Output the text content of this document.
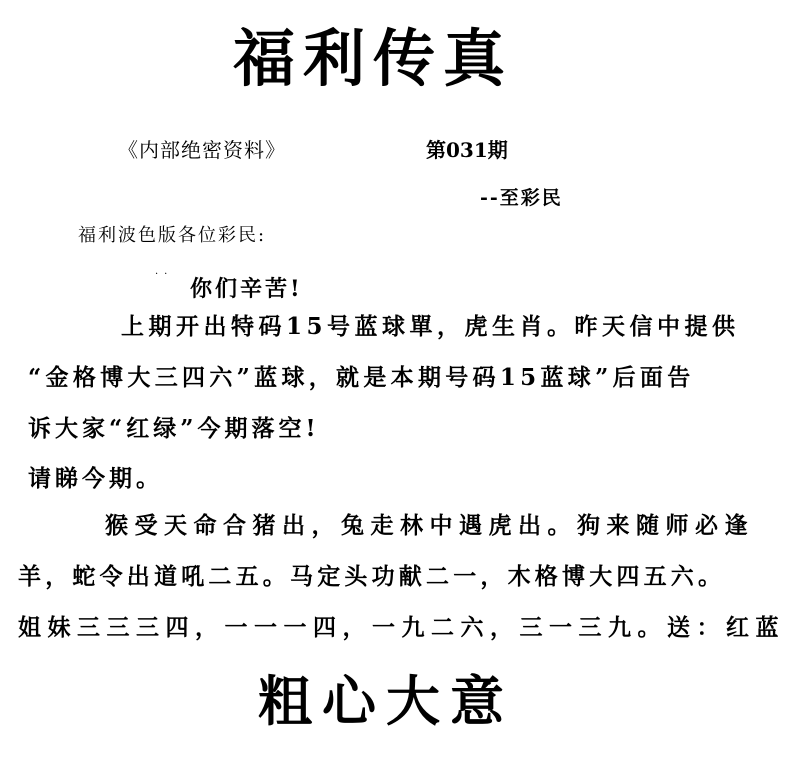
福利传真
《内部绝密资料》	第031期
--至彩民
福利波色版各位彩民:
..
你们辛苦!
上期开出特码15号蓝球單，虎生肖。昨天信中提供
“金格博大三四六”蓝球，就是本期号码15蓝球”后面告
诉大家“红绿”今期落空!
请睇今期。
猴受天命合猪出，兔走林中遇虎出。狗来随师必逢
羊，蛇令出道吼二五。马定头功献二一，木格博大四五六。
姐妹三三三四，一一一四，一九二六，三一三九。送：红蓝
粗心大意
